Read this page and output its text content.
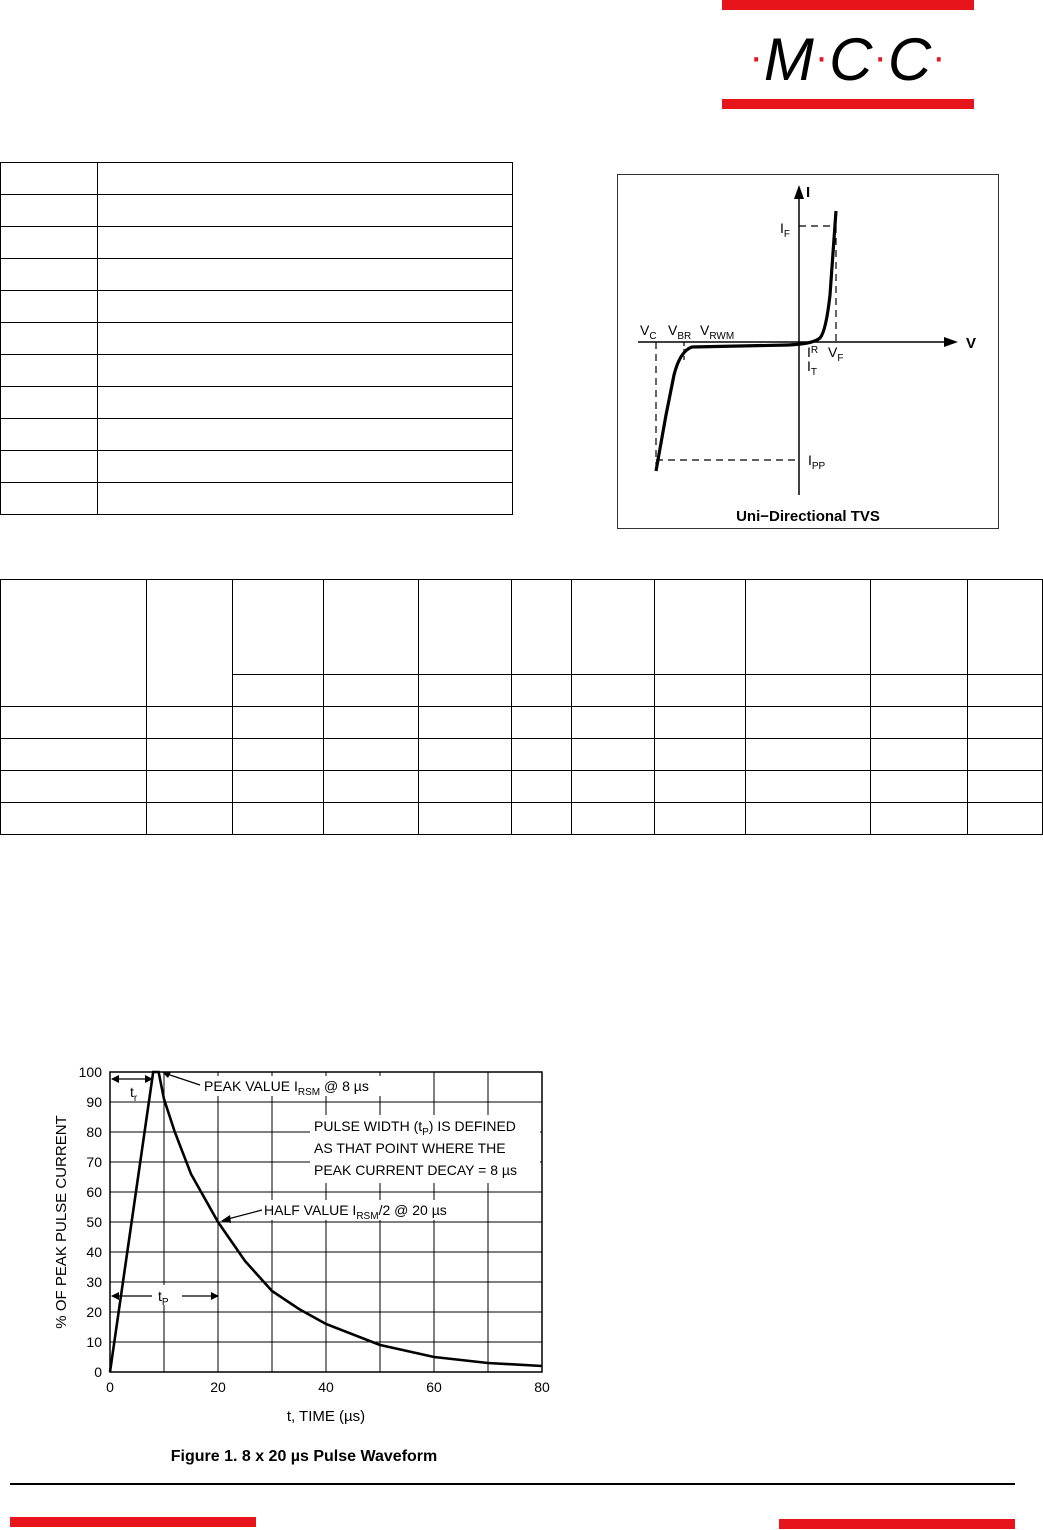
·M·C·C·

I
V
$I_F$
$V_C$ $V_{BR}$ $V_{RWM}$
$I^R$
$I_T$
$V_F$
$I_{PP}$
Uni−Directional TVS

0
10
20
30
40
50
60
70
80
90
100
0	20	40	60	80
% OF PEAK PULSE CURRENT
t, TIME (µs)
$t_r$
$t_P$
PEAK VALUE $I_{RSM}$ @ 8 µs
PULSE WIDTH $(t_P)$ IS DEFINED
AS THAT POINT WHERE THE
PEAK CURRENT DECAY = 8 µs
HALF VALUE $I_{RSM}/2$ @ 20 µs
Figure 1. 8 x 20 µs Pulse Waveform
